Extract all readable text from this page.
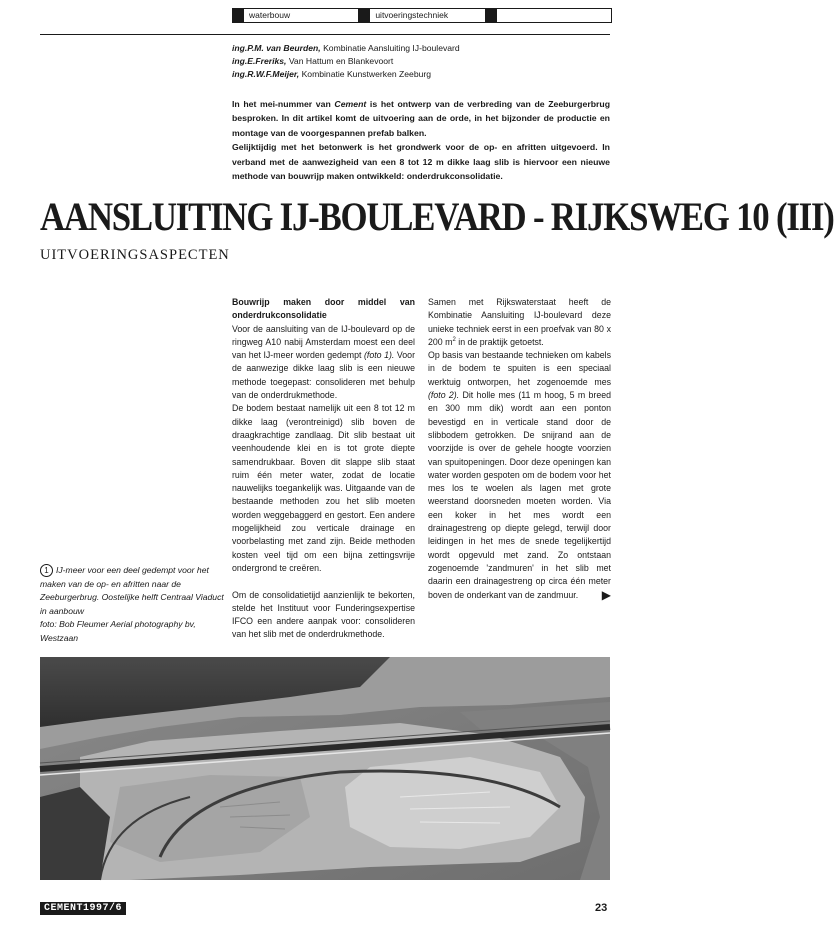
waterbouw	uitvoeringstechniek
ing.P.M. van Beurden, Kombinatie Aansluiting IJ-boulevard
ing.E.Freriks, Van Hattum en Blankevoort
ing.R.W.F.Meijer, Kombinatie Kunstwerken Zeeburg
In het mei-nummer van Cement is het ontwerp van de verbreding van de Zeeburgerbrug besproken. In dit artikel komt de uitvoering aan de orde, in het bijzonder de productie en montage van de voorgespannen prefab balken.
Gelijktijdig met het betonwerk is het grondwerk voor de op- en afritten uitgevoerd. In verband met de aanwezigheid van een 8 tot 12 m dikke laag slib is hiervoor een nieuwe methode van bouwrijp maken ontwikkeld: onderdrukconsolidatie.
AANSLUITING IJ-BOULEVARD - RIJKSWEG 10 (III)
UITVOERINGSASPECTEN

Bouwrijp maken door middel van onderdrukconsolidatie

Voor de aansluiting van de IJ-boulevard op de ringweg A10 nabij Amsterdam moest een deel van het IJ-meer worden gedempt (foto 1). Voor de aanwezige dikke laag slib is een nieuwe methode toegepast: consolideren met behulp van de onderdrukmethode.

De bodem bestaat namelijk uit een 8 tot 12 m dikke laag (verontreinigd) slib boven de draagkrachtige zandlaag. Dit slib bestaat uit veenhoudende klei en is tot grote diepte samendrukbaar. Boven dit slappe slib staat ruim één meter water, zodat de locatie nauwelijks toegankelijk was. Uitgaande van de bestaande methoden zou het slib moeten worden weggebaggerd en gestort. Een andere mogelijkheid zou verticale drainage en voorbelasting met zand zijn. Beide methoden kosten veel tijd om een bijna zettingsvrije ondergrond te creëren.

Om de consolidatietijd aanzienlijk te bekorten, stelde het Instituut voor Funderingsexpertise IFCO een andere aanpak voor: consolideren van het slib met de onderdrukmethode.

Samen met Rijkswaterstaat heeft de Kombinatie Aansluiting IJ-boulevard deze unieke techniek eerst in een proefvak van 80 x 200 $m^2$ in de praktijk getoetst.

Op basis van bestaande technieken om kabels in de bodem te spuiten is een speciaal werktuig ontworpen, het zogenoemde mes (foto 2). Dit holle mes (11 m hoog, 5 m breed en 300 mm dik) wordt aan een ponton bevestigd en in verticale stand door de slibbodem getrokken. De snijrand aan de voorzijde is over de gehele hoogte voorzien van spuitopeningen. Door deze openingen kan water worden gespoten om de bodem voor het mes los te woelen als lagen met grote weerstand doorsneden moeten worden. Via een koker in het mes wordt een drainagestreng op diepte gelegd, terwijl door leidingen in het mes de snede tegelijkertijd wordt opgevuld met zand. Zo ontstaan zogenoemde 'zandmuren' in het slib met daarin een drainagestreng op circa één meter boven de onderkant van de zandmuur. ▶

1 IJ-meer voor een deel gedempt voor het maken van de op- en afritten naar de Zeeburgerbrug. Oostelijke helft Centraal Viaduct in aanbouw
foto: Bob Fleumer Aerial photography bv, Westzaan
CEMENT1997/6	23
